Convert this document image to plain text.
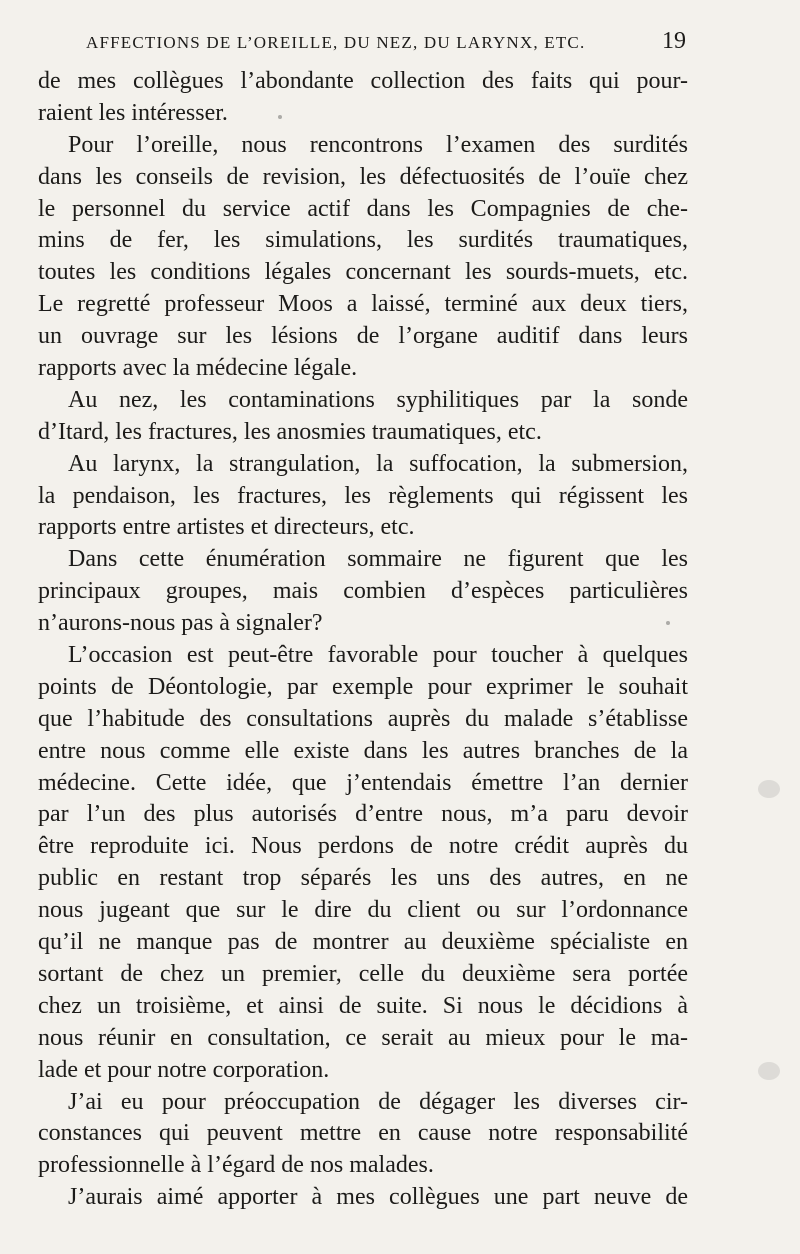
AFFECTIONS DE L’OREILLE, DU NEZ, DU LARYNX, ETC.	19
de mes collègues l’abondante collection des faits qui pour-
raient les intéresser.
Pour l’oreille, nous rencontrons l’examen des surdités
dans les conseils de revision, les défectuosités de l’ouïe chez
le personnel du service actif dans les Compagnies de che-
mins de fer, les simulations, les surdités traumatiques,
toutes les conditions légales concernant les sourds-muets, etc.
Le regretté professeur Moos a laissé, terminé aux deux tiers,
un ouvrage sur les lésions de l’organe auditif dans leurs
rapports avec la médecine légale.
Au nez, les contaminations syphilitiques par la sonde
d’Itard, les fractures, les anosmies traumatiques, etc.
Au larynx, la strangulation, la suffocation, la submersion,
la pendaison, les fractures, les règlements qui régissent les
rapports entre artistes et directeurs, etc.
Dans cette énumération sommaire ne figurent que les
principaux groupes, mais combien d’espèces particulières
n’aurons-nous pas à signaler?
L’occasion est peut-être favorable pour toucher à quelques
points de Déontologie, par exemple pour exprimer le souhait
que l’habitude des consultations auprès du malade s’établisse
entre nous comme elle existe dans les autres branches de la
médecine. Cette idée, que j’entendais émettre l’an dernier
par l’un des plus autorisés d’entre nous, m’a paru devoir
être reproduite ici. Nous perdons de notre crédit auprès du
public en restant trop séparés les uns des autres, en ne
nous jugeant que sur le dire du client ou sur l’ordonnance
qu’il ne manque pas de montrer au deuxième spécialiste en
sortant de chez un premier, celle du deuxième sera portée
chez un troisième, et ainsi de suite. Si nous le décidions à
nous réunir en consultation, ce serait au mieux pour le ma-
lade et pour notre corporation.
J’ai eu pour préoccupation de dégager les diverses cir-
constances qui peuvent mettre en cause notre responsabilité
professionnelle à l’égard de nos malades.
J’aurais aimé apporter à mes collègues une part neuve de
